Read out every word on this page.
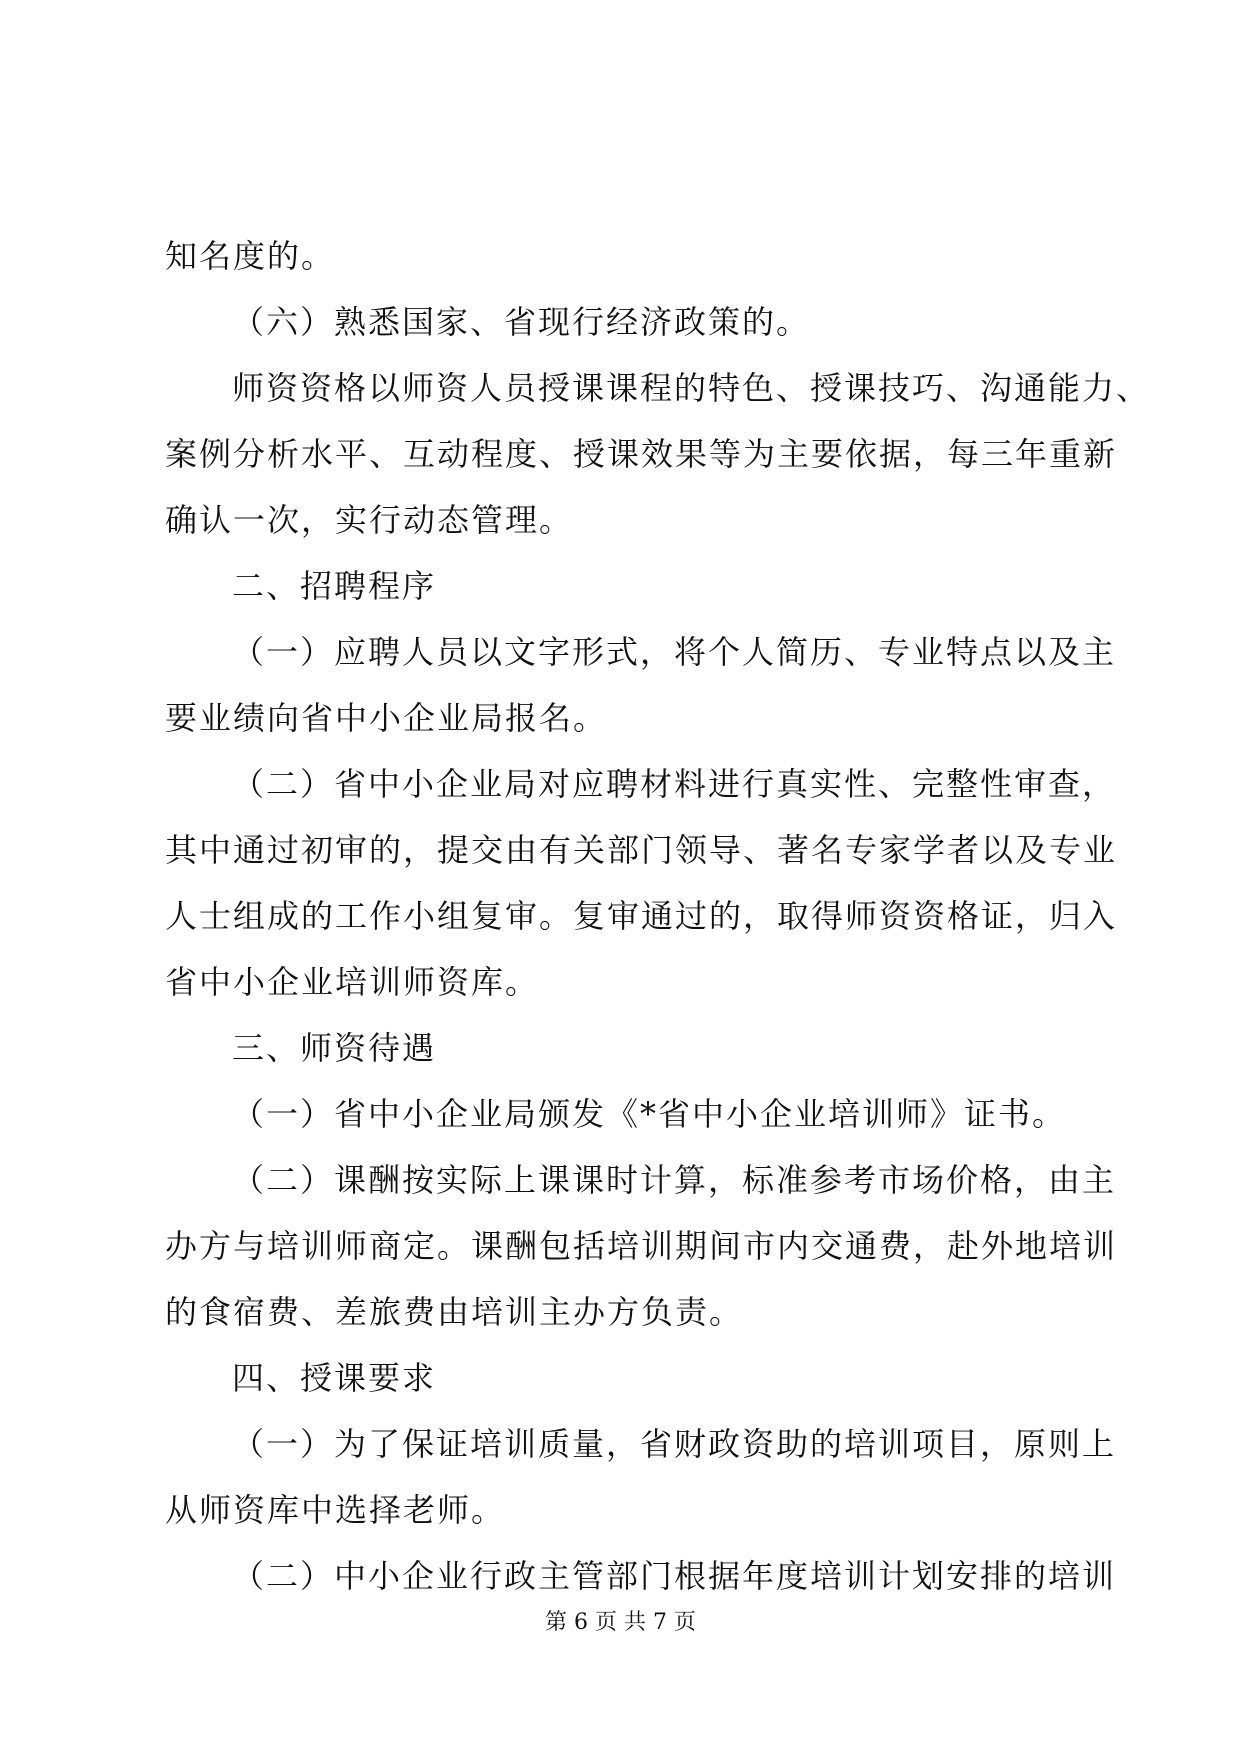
知名度的。
（六）熟悉国家、省现行经济政策的。
师资资格以师资人员授课课程的特色、授课技巧、沟通能力、
案例分析水平、互动程度、授课效果等为主要依据，每三年重新
确认一次，实行动态管理。
二、招聘程序
（一）应聘人员以文字形式，将个人简历、专业特点以及主
要业绩向省中小企业局报名。
（二）省中小企业局对应聘材料进行真实性、完整性审查，
其中通过初审的，提交由有关部门领导、著名专家学者以及专业
人士组成的工作小组复审。复审通过的，取得师资资格证，归入
省中小企业培训师资库。
三、师资待遇
（一）省中小企业局颁发《*省中小企业培训师》证书。
（二）课酬按实际上课课时计算，标准参考市场价格，由主
办方与培训师商定。课酬包括培训期间市内交通费，赴外地培训
的食宿费、差旅费由培训主办方负责。
四、授课要求
（一）为了保证培训质量，省财政资助的培训项目，原则上
从师资库中选择老师。
（二）中小企业行政主管部门根据年度培训计划安排的培训
第 6 页 共 7 页
